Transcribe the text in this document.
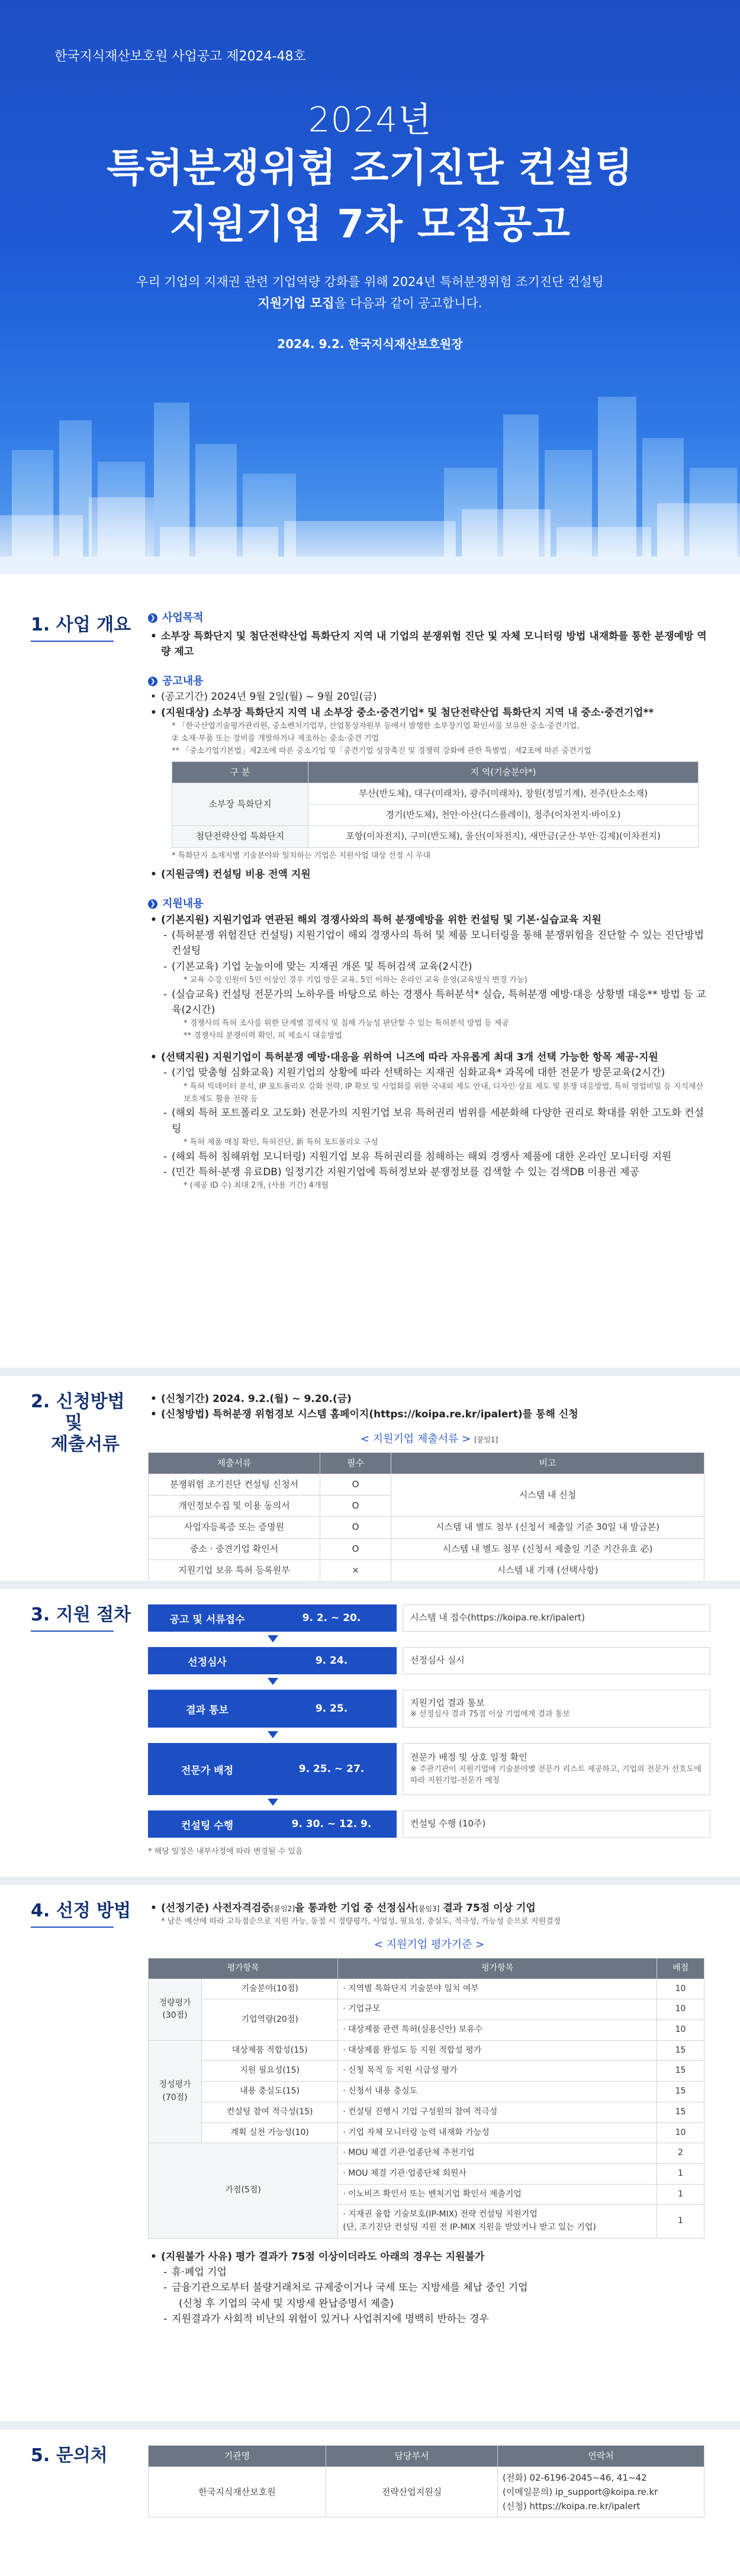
한국지식재산보호원 사업공고 제2024-48호
2024년
특허분쟁위험 조기진단 컨설팅
지원기업 7차 모집공고
우리 기업의 지재권 관련 기업역량 강화를 위해 2024년 특허분쟁위험 조기진단 컨설팅
지원기업 모집을 다음과 같이 공고합니다.
2024. 9.2. 한국지식재산보호원장
1. 사업 개요	❯ 사업목적
• 소부장 특화단지 및 첨단전략산업 특화단지 지역 내 기업의 분쟁위험 진단 및 자체 모니터링 방법 내재화를 통한 분쟁예방 역량 제고
❯ 공고내용
• (공고기간) 2024년 9월 2일(월) ~ 9월 20일(금)
• (지원대상) 소부장 특화단지 지역 내 소부장 중소·중견기업* 및 첨단전략산업 특화단지 지역 내 중소·중견기업**
* 「한국산업기술평가관리원, 중소벤처기업부, 산업통상자원부 등에서 발행한 소부장기업 확인서를 보유한 중소·중견기업,
② 소재·부품 또는 장비를 개발하거나 제조하는 중소·중견 기업
** 「중소기업기본법」제2조에 따른 중소기업 및「중견기업 성장촉진 및 경쟁력 강화에 관한 특별법」제2조에 따른 중견기업
구 분	지 역(기술분야*)
소부장 특화단지	부산(반도체), 대구(미래차), 광주(미래차), 창원(정밀기계), 전주(탄소소재)
	경기(반도체), 천안·아산(디스플레이), 청주(이차전지·바이오)
첨단전략산업 특화단지	포항(이차전지), 구미(반도체), 울산(이차전지), 새만금(군산·부안·김제)(이차전지)
* 특화단지 소재지별 기술분야와 일치하는 기업은 지원사업 대상 선정 시 우대
• (지원금액) 컨설팅 비용 전액 지원
❯ 지원내용
• (기본지원) 지원기업과 연관된 해외 경쟁사와의 특허 분쟁예방을 위한 컨설팅 및 기본·실습교육 지원
- (특허분쟁 위험진단 컨설팅) 지원기업이 해외 경쟁사의 특허 및 제품 모니터링을 통해 분쟁위험을 진단할 수 있는 진단방법 컨설팅
- (기본교육) 기업 눈높이에 맞는 지재권 개론 및 특허검색 교육(2시간)
* 교육 수강 인원이 5인 이상인 경우 기업 방문 교육, 5인 이하는 온라인 교육 운영(교육방식 변경 가능)
- (실습교육) 컨설팅 전문가의 노하우를 바탕으로 하는 경쟁사 특허분석* 실습, 특허분쟁 예방·대응 상황별 대응** 방법 등 교육(2시간)
* 경쟁사의 특허 조사를 위한 단계별 검색식 및 침해 가능성 판단할 수 있는 특허분석 방법 등 제공
** 경쟁사의 분쟁이력 확인, 피 제소시 대응방법
• (선택지원) 지원기업이 특허분쟁 예방·대응을 위하여 니즈에 따라 자유롭게 최대 3개 선택 가능한 항목 제공·지원
- (기업 맞춤형 심화교육) 지원기업의 상황에 따라 선택하는 지재권 심화교육* 과목에 대한 전문가 방문교육(2시간)
* 특허 빅데이터 분석, IP 포트폴리오 강화 전략, IP 확보 및 사업화를 위한 국내외 제도 안내, 디자인·상표 제도 및 분쟁 대응방법, 특허 영업비밀 등 지식재산 보호제도 활용 전략 등
- (해외 특허 포트폴리오 고도화) 전문가의 지원기업 보유 특허권리 범위를 세분화해 다양한 권리로 확대를 위한 고도화 컨설팅
* 특허 제품 매칭 확인, 특허진단, 新 특허 포트폴리오 구성
- (해외 특허 침해위험 모니터링) 지원기업 보유 특허권리를 침해하는 해외 경쟁사 제품에 대한 온라인 모니터링 지원
- (민간 특허·분쟁 유료DB) 일정기간 지원기업에 특허정보와 분쟁정보를 검색할 수 있는 검색DB 이용권 제공
* (제공 ID 수) 최대 2개, (사용 기간) 4개월
2. 신청방법
및
제출서류
• (신청기간) 2024. 9.2.(월) ~ 9.20.(금)
• (신청방법) 특허분쟁 위험경보 시스템 홈페이지(https://koipa.re.kr/ipalert)를 통해 신청
< 지원기업 제출서류 > [붙임1]
제출서류	필수	비고
분쟁위험 조기진단 컨설팅 신청서	O	시스템 내 신청
개인정보수집 및 이용 동의서	O	
사업자등록증 또는 증명원	O	시스템 내 별도 첨부 (신청서 제출일 기준 30일 내 발급본)
중소 · 중견기업 확인서	O	시스템 내 별도 첨부 (신청서 제출일 기준 기간유효 必)
지원기업 보유 특허 등록원부	×	시스템 내 기재 (선택사항)
3. 지원 절차	공고 및 서류접수	9. 2. ~ 20.	시스템 내 접수(https://koipa.re.kr/ipalert)
선정심사	9. 24.	선정심사 실시
결과 통보	9. 25.
지원기업 결과 통보
※ 선정심사 결과 75점 이상 기업에게 결과 통보
전문가 배정	9. 25. ~ 27.
전문가 배정 및 상호 일정 확인
※ 주관기관이 지원기업에 기술분야별 전문가 리스트 제공하고, 기업의 전문가 선호도에 따라 지원기업-전문가 매칭
컨설팅 수행	9. 30. ~ 12. 9.	컨설팅 수행 (10주)
* 해당 일정은 내부사정에 따라 변경될 수 있음
4. 선정 방법	• (선정기준) 사전자격검증[붙임2]을 통과한 기업 중 선정심사[붙임3] 결과 75점 이상 기업
* 남은 예산에 따라 고득점순으로 지원 가능, 동점 시 정량평가, 사업성, 필요성, 충실도, 적극성, 가능성 순으로 지원결정
< 지원기업 평가기준 >
평가항목		평가항목	배점
정량평가
(30점)	기술분야(10점)	· 지역별 특화단지 기술분야 일치 여부	10
	기업역량(20점)	· 기업규모	10
		· 대상제품 관련 특허(실용신안) 보유수	10
정성평가
(70점)	대상제품 적합성(15)	· 대상제품 완성도 등 지원 적합성 평가	15
	지원 필요성(15)	· 신청 목적 등 지원 시급성 평가	15
	내용 충실도(15)	· 신청서 내용 충실도	15
	컨설팅 참여 적극성(15)	· 컨설팅 진행시 기업 구성원의 참여 적극성	15
	계획 실천 가능성(10)	· 기업 자체 모니터링 능력 내재화 가능성	10
가점(5점)		· MOU 체결 기관·업종단체 추천기업	2
		· MOU 체결 기관·업종단체 회원사	1
		· 이노비즈 확인서 또는 벤처기업 확인서 제출기업	1
		· 지재권 융합 기술보호(IP-MIX) 전략 컨설팅 지원기업
(단, 조기진단 컨설팅 지원 전 IP-MIX 지원을 받았거나 받고 있는 기업)	1
• (지원불가 사유) 평가 결과가 75점 이상이더라도 아래의 경우는 지원불가
- 휴·폐업 기업
- 금융기관으로부터 불량거래처로 규제중이거나 국세 또는 지방세를 체납 중인 기업
(신청 후 기업의 국세 및 지방세 완납증명서 제출)
- 지원결과가 사회적 비난의 위험이 있거나 사업취지에 명백히 반하는 경우
5. 문의처	기관명	담당부서	연락처
한국지식재산보호원	전략산업지원실	(전화) 02-6196-2045~46, 41~42
(이메일문의) ip_support@koipa.re.kr
(신청) https://koipa.re.kr/ipalert
